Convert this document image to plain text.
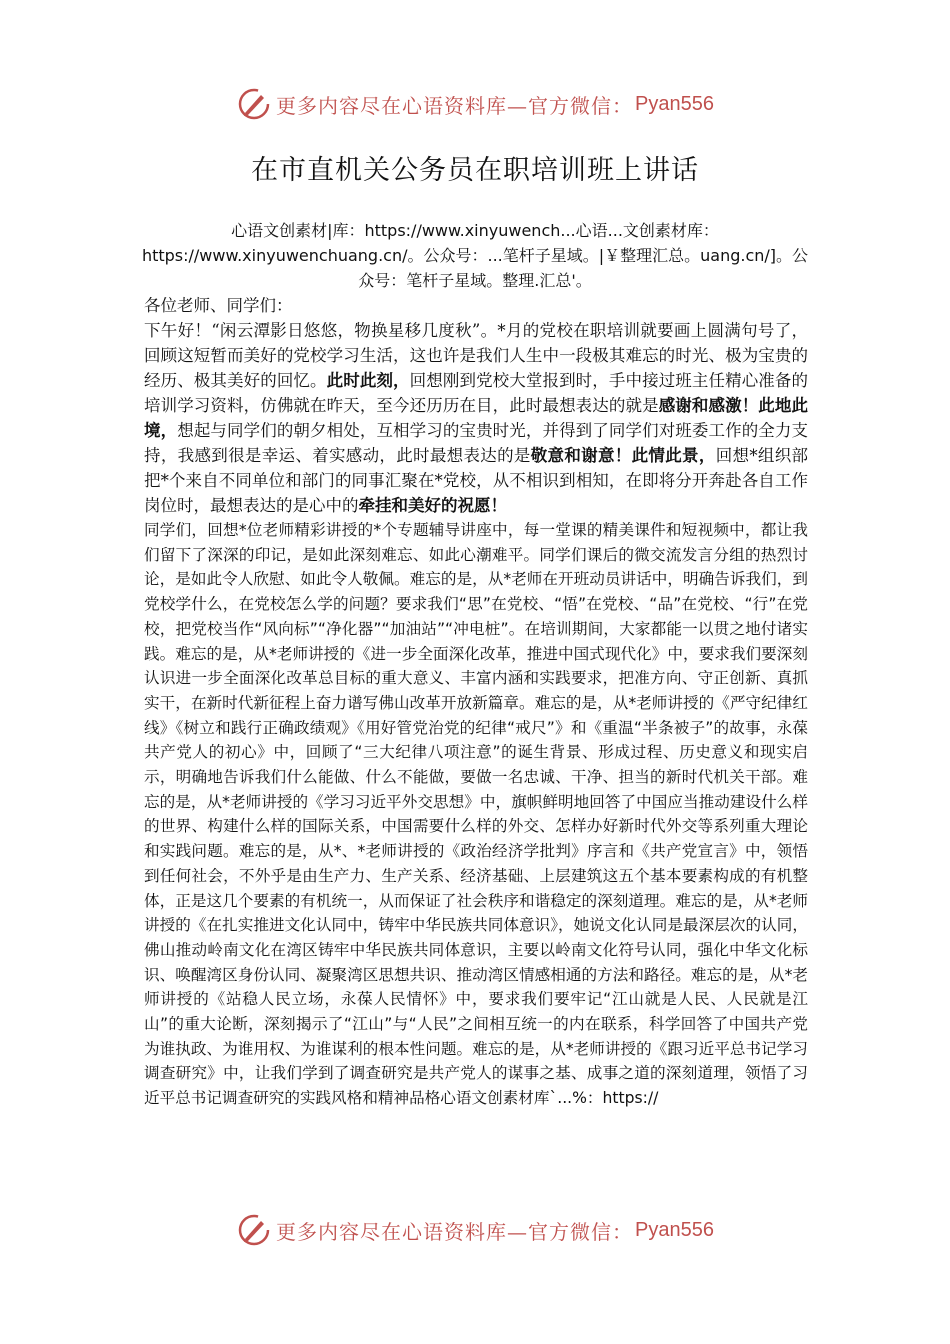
更多内容尽在心语资料库—官方微信： Pyan556
在市直机关公务员在职培训班上讲话
心语文创素材|库：https://www.xinyuwench...心语...文创素材库：https://www.xinyuwenchuang.cn/。公众号：...笔杆子星域。|￥整理汇总。uang.cn/]。公众号：笔杆子星域。整理.汇总'。

各位老师、同学们：

下午好！“闲云潭影日悠悠，物换星移几度秋”。*月的党校在职培训就要画上圆满句号了，回顾这短暂而美好的党校学习生活，这也许是我们人生中一段极其难忘的时光、极为宝贵的经历、极其美好的回忆。此时此刻，回想刚到党校大堂报到时，手中接过班主任精心准备的培训学习资料，仿佛就在昨天，至今还历历在目，此时最想表达的就是感谢和感激！此地此境，想起与同学们的朝夕相处，互相学习的宝贵时光，并得到了同学们对班委工作的全力支持，我感到很是幸运、着实感动，此时最想表达的是敬意和谢意！此情此景，回想*组织部把*个来自不同单位和部门的同事汇聚在*党校，从不相识到相知，在即将分开奔赴各自工作岗位时，最想表达的是心中的牵挂和美好的祝愿！

同学们，回想*位老师精彩讲授的*个专题辅导讲座中，每一堂课的精美课件和短视频中，都让我们留下了深深的印记，是如此深刻难忘、如此心潮难平。同学们课后的微交流发言分组的热烈讨论，是如此令人欣慰、如此令人敬佩。难忘的是，从*老师在开班动员讲话中，明确告诉我们，到党校学什么，在党校怎么学的问题？要求我们“思”在党校、“悟”在党校、“品”在党校、“行”在党校，把党校当作“风向标”“净化器”“加油站”“冲电桩”。在培训期间，大家都能一以贯之地付诸实践。难忘的是，从*老师讲授的《进一步全面深化改革，推进中国式现代化》中，要求我们要深刻认识进一步全面深化改革总目标的重大意义、丰富内涵和实践要求，把准方向、守正创新、真抓实干，在新时代新征程上奋力谱写佛山改革开放新篇章。难忘的是，从*老师讲授的《严守纪律红线》《树立和践行正确政绩观》《用好管党治党的纪律“戒尺”》和《重温“半条被子”的故事，永葆共产党人的初心》中，回顾了“三大纪律八项注意”的诞生背景、形成过程、历史意义和现实启示，明确地告诉我们什么能做、什么不能做，要做一名忠诚、干净、担当的新时代机关干部。难忘的是，从*老师讲授的《学习习近平外交思想》中，旗帜鲜明地回答了中国应当推动建设什么样的世界、构建什么样的国际关系，中国需要什么样的外交、怎样办好新时代外交等系列重大理论和实践问题。难忘的是，从*、*老师讲授的《政治经济学批判》序言和《共产党宣言》中，领悟到任何社会，不外乎是由生产力、生产关系、经济基础、上层建筑这五个基本要素构成的有机整体，正是这几个要素的有机统一，从而保证了社会秩序和谐稳定的深刻道理。难忘的是，从*老师讲授的《在扎实推进文化认同中，铸牢中华民族共同体意识》，她说文化认同是最深层次的认同，佛山推动岭南文化在湾区铸牢中华民族共同体意识，主要以岭南文化符号认同，强化中华文化标识、唤醒湾区身份认同、凝聚湾区思想共识、推动湾区情感相通的方法和路径。难忘的是，从*老师讲授的《站稳人民立场，永葆人民情怀》中，要求我们要牢记“江山就是人民、人民就是江山”的重大论断，深刻揭示了“江山”与“人民”之间相互统一的内在联系，科学回答了中国共产党为谁执政、为谁用权、为谁谋利的根本性问题。难忘的是，从*老师讲授的《跟习近平总书记学习调查研究》中，让我们学到了调查研究是共产党人的谋事之基、成事之道的深刻道理，领悟了习近平总书记调查研究的实践风格和精神品格心语文创素材库`...%：https://

更多内容尽在心语资料库—官方微信： Pyan556
